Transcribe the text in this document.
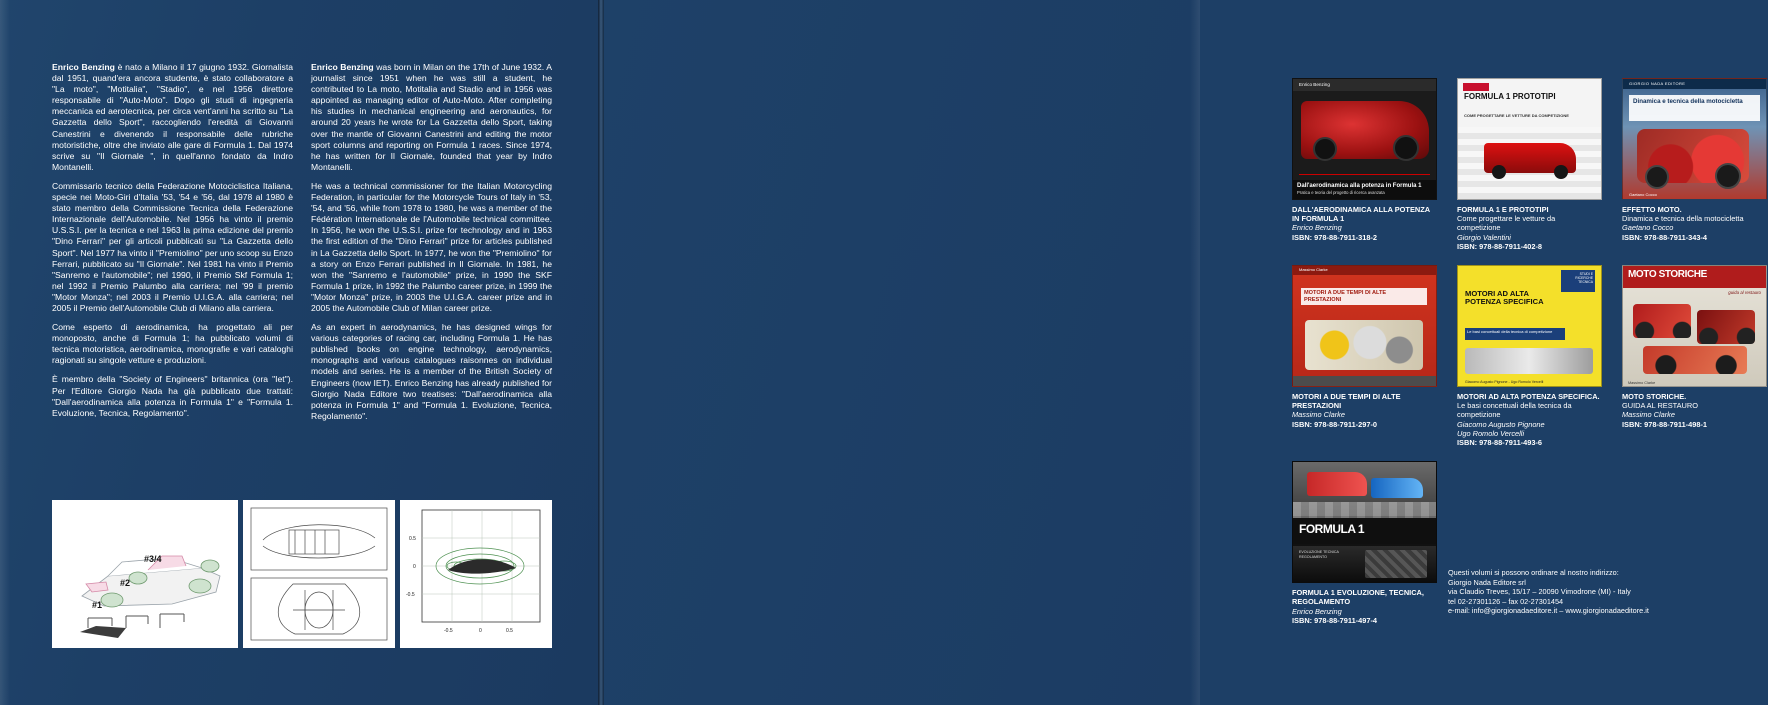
Enrico Benzing è nato a Milano il 17 giugno 1932. Giornalista dal 1951, quand'era ancora studente, è stato collaboratore a "La moto", "Motitalia", "Stadio", e nel 1956 direttore responsabile di "Auto-Moto". Dopo gli studi di ingegneria meccanica ed aerotecnica, per circa vent'anni ha scritto su "La Gazzetta dello Sport", raccogliendo l'eredità di Giovanni Canestrini e divenendo il responsabile delle rubriche motoristiche, oltre che inviato alle gare di Formula 1. Dal 1974 scrive su "Il Giornale ", in quell'anno fondato da Indro Montanelli.

Commissario tecnico della Federazione Motociclistica Italiana, specie nei Moto-Giri d'Italia '53, '54 e '56, dal 1978 al 1980 è stato membro della Commissione Tecnica della Federazione Internazionale dell'Automobile. Nel 1956 ha vinto il premio U.S.S.I. per la tecnica e nel 1963 la prima edizione del premio "Dino Ferrari" per gli articoli pubblicati su "La Gazzetta dello Sport". Nel 1977 ha vinto il "Premiolino" per uno scoop su Enzo Ferrari, pubblicato su "Il Giornale". Nel 1981 ha vinto il Premio "Sanremo e l'automobile"; nel 1990, il Premio Skf Formula 1; nel 1992 il Premio Palumbo alla carriera; nel '99 il premio "Motor Monza"; nel 2003 il Premio U.I.G.A. alla carriera; nel 2005 il Premio dell'Automobile Club di Milano alla carriera.

Come esperto di aerodinamica, ha progettato ali per monoposto, anche di Formula 1; ha pubblicato volumi di tecnica motoristica, aerodinamica, monografie e vari cataloghi ragionati su singole vetture e produzioni.

È membro della "Society of Engineers" britannica (ora "Iet"). Per l'Editore Giorgio Nada ha già pubblicato due trattati: "Dall'aerodinamica alla potenza in Formula 1" e "Formula 1. Evoluzione, Tecnica, Regolamento".

Enrico Benzing was born in Milan on the 17th of June 1932. A journalist since 1951 when he was still a student, he contributed to La moto, Motitalia and Stadio and in 1956 was appointed as managing editor of Auto-Moto. After completing his studies in mechanical engineering and aeronautics, for around 20 years he wrote for La Gazzetta dello Sport, taking over the mantle of Giovanni Canestrini and editing the motor sport columns and reporting on Formula 1 races. Since 1974, he has written for Il Giornale, founded that year by Indro Montanelli.

He was a technical commissioner for the Italian Motorcycling Federation, in particular for the Motorcycle Tours of Italy in '53, '54, and '56, while from 1978 to 1980, he was a member of the Fédération Internationale de l'Automobile technical committee. In 1956, he won the U.S.S.I. prize for technology and in 1963 the first edition of the "Dino Ferrari" prize for articles published in La Gazzetta dello Sport. In 1977, he won the "Premiolino" for a story on Enzo Ferrari published in Il Giornale. In 1981, he won the "Sanremo e l'automobile" prize, in 1990 the SKF Formula 1 prize, in 1992 the Palumbo career prize, in 1999 the "Motor Monza" prize, in 2003 the U.I.G.A. career prize and in 2005 the Automobile Club of Milan career prize.

As an expert in aerodynamics, he has designed wings for various categories of racing car, including Formula 1. He has published books on engine technology, aerodynamics, monographs and various catalogues raisonnes on individual models and series. He is a member of the British Society of Engineers (now IET). Enrico Benzing has already published for Giorgio Nada Editore two treatises: "Dall'aerodinamica alla potenza in Formula 1" and "Formula 1. Evoluzione, Tecnica, Regolamento".

#3/4
#2
#1
0.5
0
-0.5
-0.5	0	0.5
Enrico Benzing
Dall'aerodinamica alla potenza in Formula 1
Pratica e teoria del progetto di ricerca avanzata
DALL'AERODINAMICA ALLA POTENZA IN FORMULA 1
Enrico Benzing
ISBN: 978-88-7911-318-2
FORMULA 1 PROTOTIPI
COME PROGETTARE LE VETTURE DA COMPETIZIONE
FORMULA 1 E PROTOTIPI
Come progettare le vetture da competizione
Giorgio Valentini
ISBN: 978-88-7911-402-8
GIORGIO NADA EDITORE
Dinamica e tecnica della motocicletta
Gaetano Cocco
EFFETTO MOTO.
Dinamica e tecnica della motocicletta
Gaetano Cocco
ISBN: 978-88-7911-343-4
Massimo Clarke
MOTORI A DUE TEMPI DI ALTE PRESTAZIONI
MOTORI A DUE TEMPI DI ALTE PRESTAZIONI
Massimo Clarke
ISBN: 978-88-7911-297-0
STUDI E RICERCHE
TECNICA
MOTORI AD ALTA POTENZA SPECIFICA
Le basi concettuali della tecnica di competizione
Giacomo Augusto Pignone - Ugo Romolo Vercelli
MOTORI AD ALTA POTENZA SPECIFICA.
Le basi concettuali della tecnica da competizione
Giacomo Augusto Pignone
Ugo Romolo Vercelli
ISBN: 978-88-7911-493-6
MOTO STORICHE
guida al restauro
Massimo Clarke
MOTO STORICHE.
GUIDA AL RESTAURO
Massimo Clarke
ISBN: 978-88-7911-498-1
FORMULA 1
EVOLUZIONE TECNICA REGOLAMENTO
FORMULA 1 EVOLUZIONE, TECNICA, REGOLAMENTO
Enrico Benzing
ISBN: 978-88-7911-497-4
Questi volumi si possono ordinare al nostro indirizzo:
Giorgio Nada Editore srl
via Claudio Treves, 15/17 – 20090 Vimodrone (MI) - Italy
tel 02-27301126 – fax 02-27301454
e-mail: info@giorgionadaeditore.it – www.giorgionadaeditore.it
